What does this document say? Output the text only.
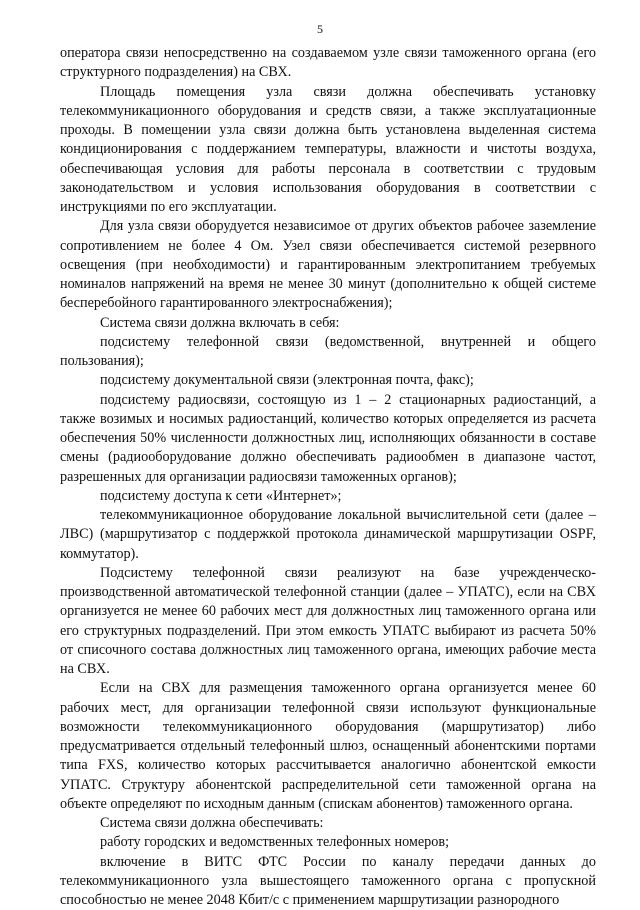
5

оператора связи непосредственно на создаваемом узле связи таможенного органа (его структурного подразделения) на СВХ.

Площадь помещения узла связи должна обеспечивать установку телекоммуникационного оборудования и средств связи, а также эксплуатационные проходы. В помещении узла связи должна быть установлена выделенная система кондиционирования с поддержанием температуры, влажности и чистоты воздуха, обеспечивающая условия для работы персонала в соответствии с трудовым законодательством и условия использования оборудования в соответствии с инструкциями по его эксплуатации.

Для узла связи оборудуется независимое от других объектов рабочее заземление сопротивлением не более 4 Ом. Узел связи обеспечивается системой резервного освещения (при необходимости) и гарантированным электропитанием требуемых номиналов напряжений на время не менее 30 минут (дополнительно к общей системе бесперебойного гарантированного электроснабжения);

Система связи должна включать в себя:

подсистему телефонной связи (ведомственной, внутренней и общего пользования);

подсистему документальной связи (электронная почта, факс);

подсистему радиосвязи, состоящую из 1 – 2 стационарных радиостанций, а также возимых и носимых радиостанций, количество которых определяется из расчета обеспечения 50% численности должностных лиц, исполняющих обязанности в составе смены (радиооборудование должно обеспечивать радиообмен в диапазоне частот, разрешенных для организации радиосвязи таможенных органов);

подсистему доступа к сети «Интернет»;

телекоммуникационное оборудование локальной вычислительной сети (далее – ЛВС) (маршрутизатор с поддержкой протокола динамической маршрутизации OSPF, коммутатор).

Подсистему телефонной связи реализуют на базе учрежденческо-производственной автоматической телефонной станции (далее – УПАТС), если на СВХ организуется не менее 60 рабочих мест для должностных лиц таможенного органа или его структурных подразделений. При этом емкость УПАТС выбирают из расчета 50% от списочного состава должностных лиц таможенного органа, имеющих рабочие места на СВХ.

Если на СВХ для размещения таможенного органа организуется менее 60 рабочих мест, для организации телефонной связи используют функциональные возможности телекоммуникационного оборудования (маршрутизатор) либо предусматривается отдельный телефонный шлюз, оснащенный абонентскими портами типа FXS, количество которых рассчитывается аналогично абонентской емкости УПАТС. Структуру абонентской распределительной сети таможенной органа на объекте определяют по исходным данным (спискам абонентов) таможенного органа.

Система связи должна обеспечивать:

работу городских и ведомственных телефонных номеров;

включение в ВИТС ФТС России по каналу передачи данных до телекоммуникационного узла вышестоящего таможенного органа с пропускной способностью не менее 2048 Кбит/с с применением маршрутизации разнородного
